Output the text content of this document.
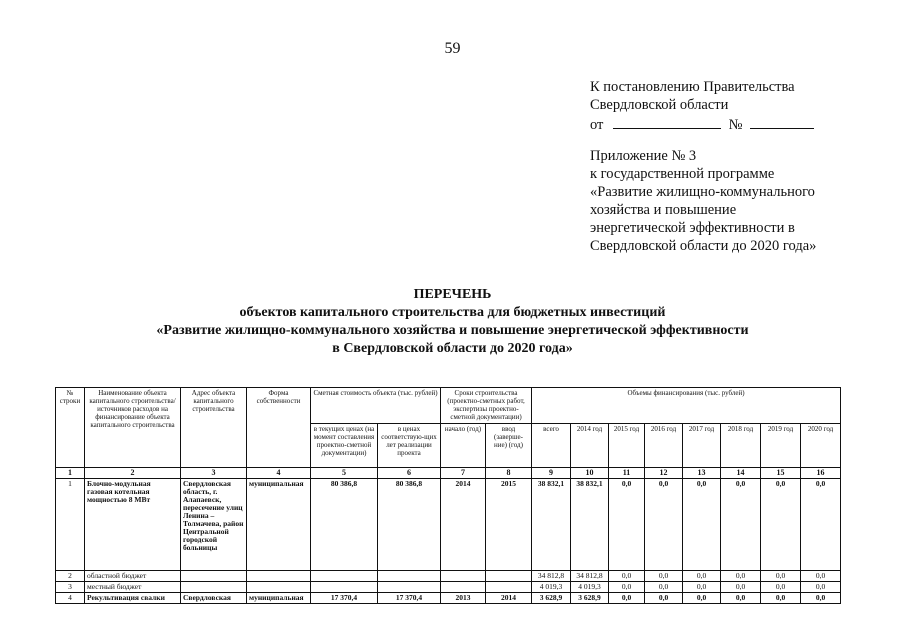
59
К постановлению Правительства
Свердловской области
от	№
Приложение № 3
к государственной программе
«Развитие жилищно-коммунального
хозяйства и повышение
энергетической эффективности в
Свердловской области до 2020 года»
ПЕРЕЧЕНЬ
объектов капитального строительства для бюджетных инвестиций
«Развитие жилищно-коммунального хозяйства и повышение энергетической эффективности
в Свердловской области до 2020 года»
№ строки	Наименование объекта капитального строительства/ источников расходов на финансирование объекта капитального строительства	Адрес объекта капитального строительства	Форма собственности	Сметная стоимость объекта (тыс. рублей)		Сроки строительства (проектно-сметных работ, экспертизы проектно-сметной документации)		Объемы финансирования (тыс. рублей)							
				в текущих ценах (на момент составления проектно-сметной документации)	в ценах соответствую-щих лет реализации проекта	начало (год)	ввод (заверше-ние) (год)	всего	2014 год	2015 год	2016 год	2017 год	2018 год	2019 год	2020 год
1	2	3	4	5	6	7	8	9	10	11	12	13	14	15	16
1	Блочно-модульная газовая котельная мощностью 8 МВт	Свердловская область, г. Алапаевск, пересечение улиц Ленина – Толмачева, район Центральной городской больницы	муниципальная	80 386,8	80 386,8	2014	2015	38 832,1	38 832,1	0,0	0,0	0,0	0,0	0,0	0,0
2	областной бюджет							34 812,8	34 812,8	0,0	0,0	0,0	0,0	0,0	0,0
3	местный бюджет							4 019,3	4 019,3	0,0	0,0	0,0	0,0	0,0	0,0
4	Рекультивация свалки	Свердловская	муниципальная	17 370,4	17 370,4	2013	2014	3 628,9	3 628,9	0,0	0,0	0,0	0,0	0,0	0,0
